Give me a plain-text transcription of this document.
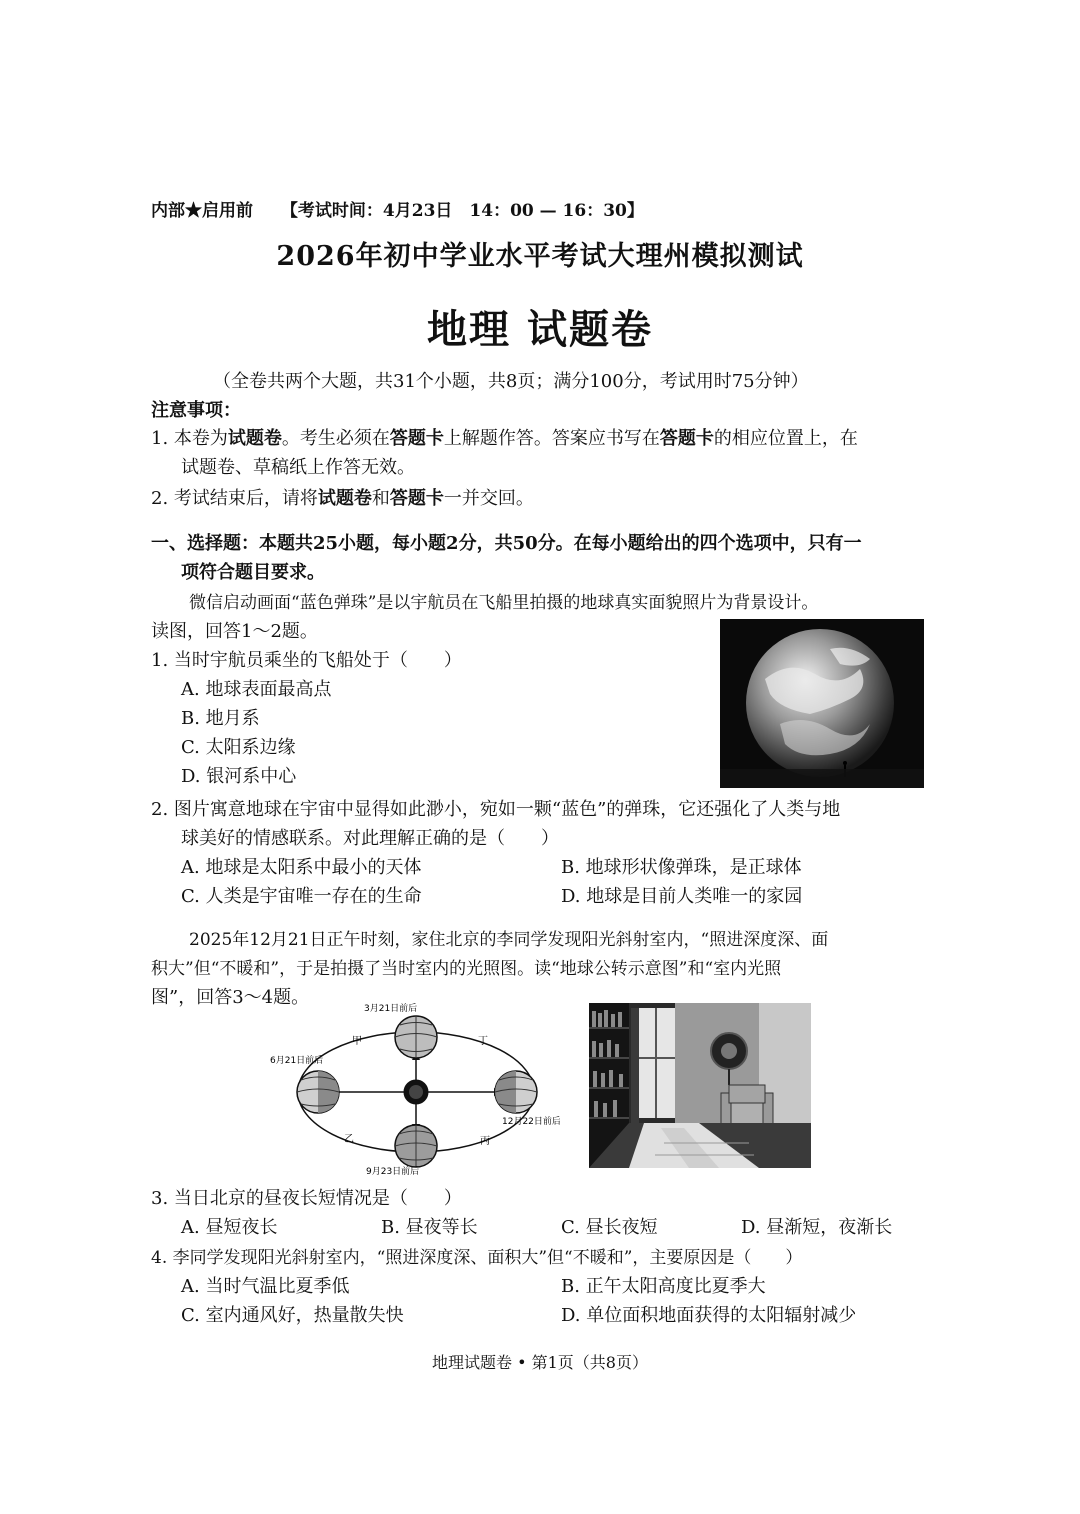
内部★启用前 【考试时间：4月23日　14：00 — 16：30】
2026年初中学业水平考试大理州模拟测试
地理 试题卷
（全卷共两个大题，共31个小题，共8页；满分100分，考试用时75分钟）
注意事项：
1. 本卷为试题卷。考生必须在答题卡上解题作答。答案应书写在答题卡的相应位置上，在
试题卷、草稿纸上作答无效。
2. 考试结束后，请将试题卷和答题卡一并交回。
一、选择题：本题共25小题，每小题2分，共50分。在每小题给出的四个选项中，只有一
项符合题目要求。
微信启动画面“蓝色弹珠”是以宇航员在飞船里拍摄的地球真实面貌照片为背景设计。
读图，回答1～2题。
1. 当时宇航员乘坐的飞船处于（　　）
A. 地球表面最高点
B. 地月系
C. 太阳系边缘
D. 银河系中心
2. 图片寓意地球在宇宙中显得如此渺小，宛如一颗“蓝色”的弹珠，它还强化了人类与地
球美好的情感联系。对此理解正确的是（　　）
A. 地球是太阳系中最小的天体	B. 地球形状像弹珠，是正球体
C. 人类是宇宙唯一存在的生命	D. 地球是目前人类唯一的家园
2025年12月21日正午时刻，家住北京的李同学发现阳光斜射室内，“照进深度深、面
积大”但“不暖和”，于是拍摄了当时室内的光照图。读“地球公转示意图”和“室内光照
图”，回答3～4题。
3月21日前后
6月21日前后
9月23日前后
12月22日前后
甲
乙	丙
丁
3. 当日北京的昼夜长短情况是（　　）
A. 昼短夜长	B. 昼夜等长	C. 昼长夜短	D. 昼渐短，夜渐长
4. 李同学发现阳光斜射室内，“照进深度深、面积大”但“不暖和”，主要原因是（　　）
A. 当时气温比夏季低	B. 正午太阳高度比夏季大
C. 室内通风好，热量散失快	D. 单位面积地面获得的太阳辐射减少
地理试题卷 • 第1页（共8页）
